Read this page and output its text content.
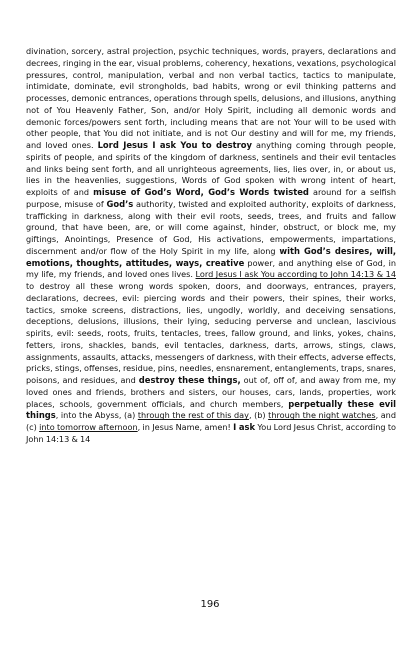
divination, sorcery, astral projection, psychic techniques, words, prayers, declarations and decrees, ringing in the ear, visual problems, coherency, hexations, vexations, psychological pressures, control, manipulation, verbal and non verbal tactics, tactics to manipulate, intimidate, dominate, evil strongholds, bad habits, wrong or evil thinking patterns and processes, demonic entrances, operations through spells, delusions, and illusions, anything not of You Heavenly Father, Son, and/or Holy Spirit, including all demonic words and demonic forces/powers sent forth, including means that are not Your will to be used with other people, that You did not initiate, and is not Our destiny and will for me, my friends, and loved ones. Lord Jesus I ask You to destroy anything coming through people, spirits of people, and spirits of the kingdom of darkness, sentinels and their evil tentacles and links being sent forth, and all unrighteous agreements, lies, lies over, in, or about us, lies in the heavenlies, suggestions, Words of God spoken with wrong intent of heart, exploits of and misuse of God’s Word, God’s Words twisted around for a selfish purpose, misuse of God’s authority, twisted and exploited authority, exploits of darkness, trafficking in darkness, along with their evil roots, seeds, trees, and fruits and fallow ground, that have been, are, or will come against, hinder, obstruct, or block me, my giftings, Anointings, Presence of God, His activations, empowerments, impartations, discernment and/or flow of the Holy Spirit in my life, along with God’s desires, will, emotions, thoughts, attitudes, ways, creative power, and anything else of God, in my life, my friends, and loved ones lives. Lord Jesus I ask You according to John 14:13 & 14 to destroy all these wrong words spoken, doors, and doorways, entrances, prayers, declarations, decrees, evil: piercing words and their powers, their spines, their works, tactics, smoke screens, distractions, lies, ungodly, worldly, and deceiving sensations, deceptions, delusions, illusions, their lying, seducing perverse and unclean, lascivious spirits, evil: seeds, roots, fruits, tentacles, trees, fallow ground, and links, yokes, chains, fetters, irons, shackles, bands, evil tentacles, darkness, darts, arrows, stings, claws, assignments, assaults, attacks, messengers of darkness, with their effects, adverse effects, pricks, stings, offenses, residue, pins, needles, ensnarement, entanglements, traps, snares, poisons, and residues, and destroy these things, out of, off of, and away from me, my loved ones and friends, brothers and sisters, our houses, cars, lands, properties, work places, schools, government officials, and church members, perpetually these evil things, into the Abyss, (a) through the rest of this day, (b) through the night watches, and (c) into tomorrow afternoon, in Jesus Name, amen! I ask You Lord Jesus Christ, according to John 14:13 & 14
196
